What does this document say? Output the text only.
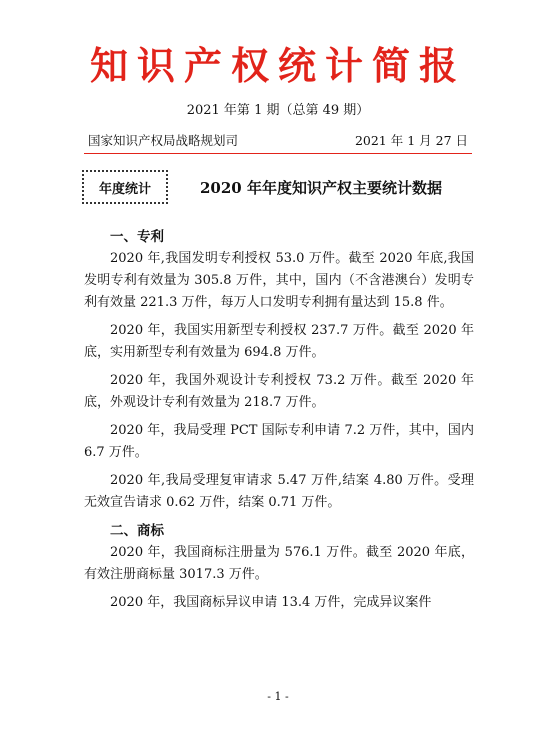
知识产权统计简报
2021 年第 1 期（总第 49 期）
国家知识产权局战略规划司	2021 年 1 月 27 日
年度统计	2020 年年度知识产权主要统计数据
一、专利

2020 年,我国发明专利授权 53.0 万件。截至 2020 年底,我国发明专利有效量为 305.8 万件，其中，国内（不含港澳台）发明专利有效量 221.3 万件，每万人口发明专利拥有量达到 15.8 件。

2020 年，我国实用新型专利授权 237.7 万件。截至 2020 年底，实用新型专利有效量为 694.8 万件。

2020 年，我国外观设计专利授权 73.2 万件。截至 2020 年底，外观设计专利有效量为 218.7 万件。

2020 年，我局受理 PCT 国际专利申请 7.2 万件，其中，国内 6.7 万件。

2020 年,我局受理复审请求 5.47 万件,结案 4.80 万件。受理无效宣告请求 0.62 万件，结案 0.71 万件。

二、商标

2020 年，我国商标注册量为 576.1 万件。截至 2020 年底，有效注册商标量 3017.3 万件。

2020 年，我国商标异议申请 13.4 万件，完成异议案件

- 1 -
